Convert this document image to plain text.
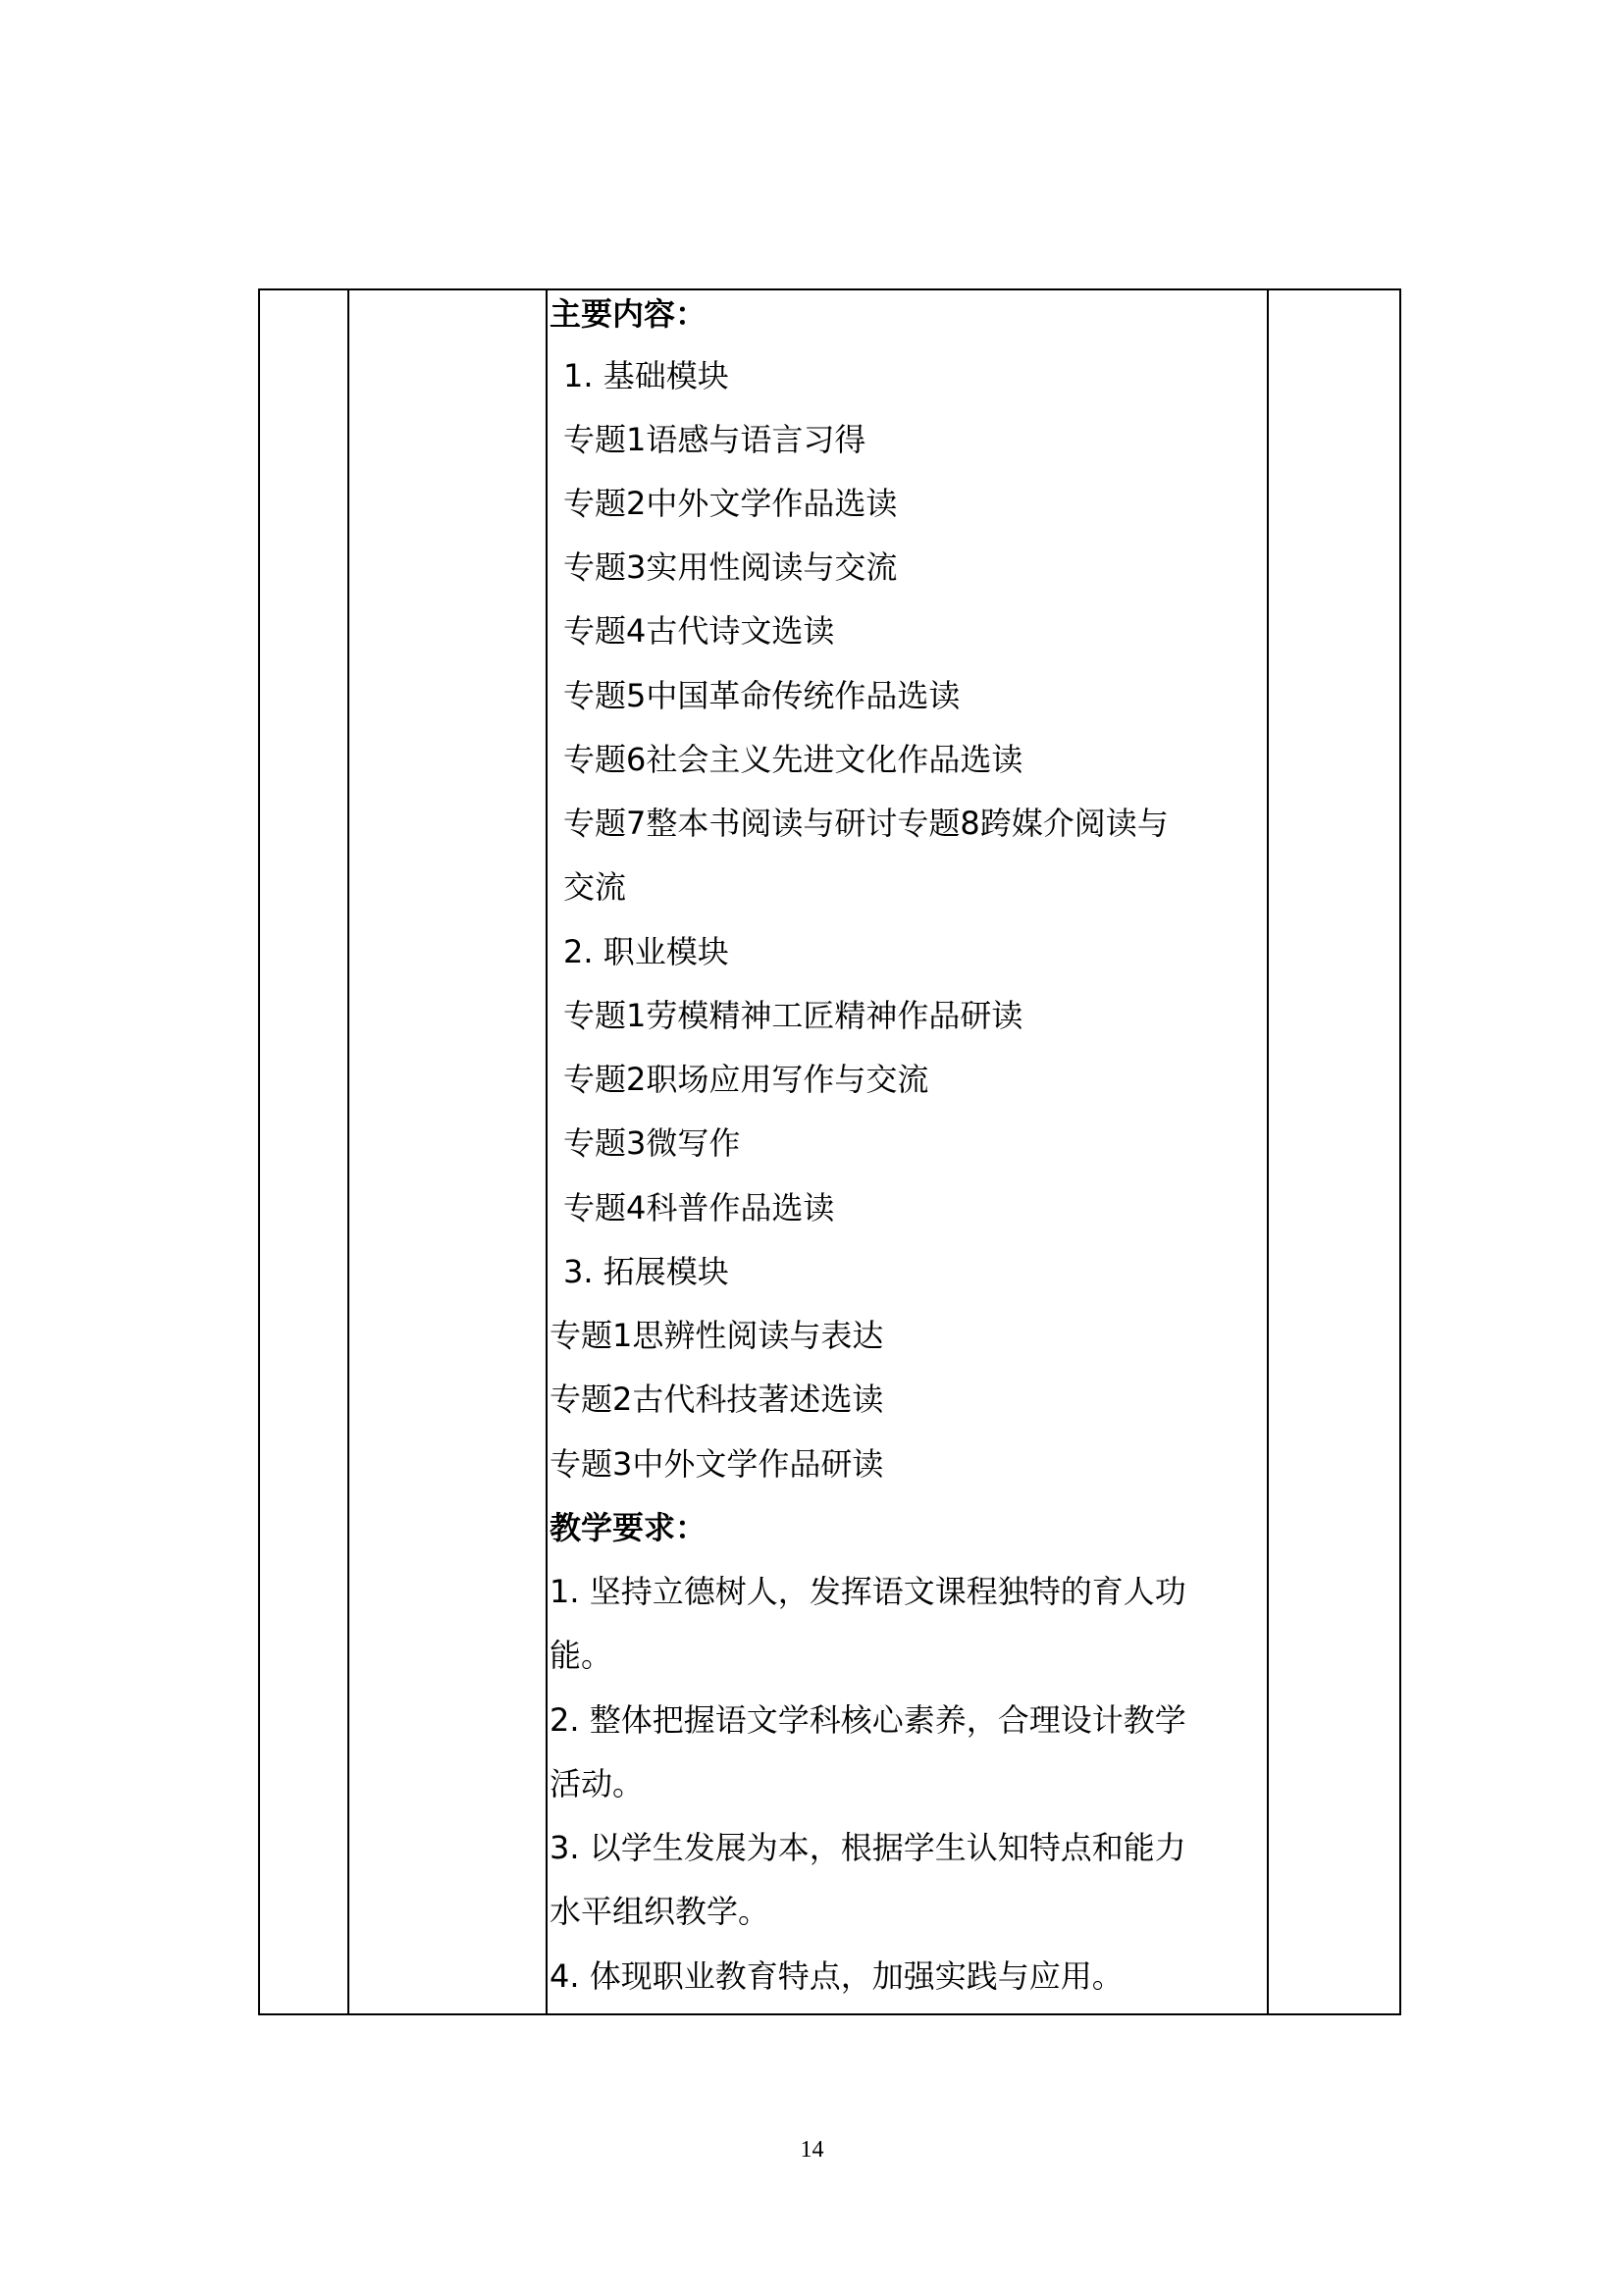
主要内容：
1. 基础模块
专题1语感与语言习得
专题2中外文学作品选读
专题3实用性阅读与交流
专题4古代诗文选读
专题5中国革命传统作品选读
专题6社会主义先进文化作品选读
专题7整本书阅读与研讨专题8跨媒介阅读与
交流
2. 职业模块
专题1劳模精神工匠精神作品研读
专题2职场应用写作与交流
专题3微写作
专题4科普作品选读
3. 拓展模块
专题1思辨性阅读与表达
专题2古代科技著述选读
专题3中外文学作品研读
教学要求：
1. 坚持立德树人，发挥语文课程独特的育人功
能。
2. 整体把握语文学科核心素养，合理设计教学
活动。
3. 以学生发展为本，根据学生认知特点和能力
水平组织教学。
4. 体现职业教育特点，加强实践与应用。
14
